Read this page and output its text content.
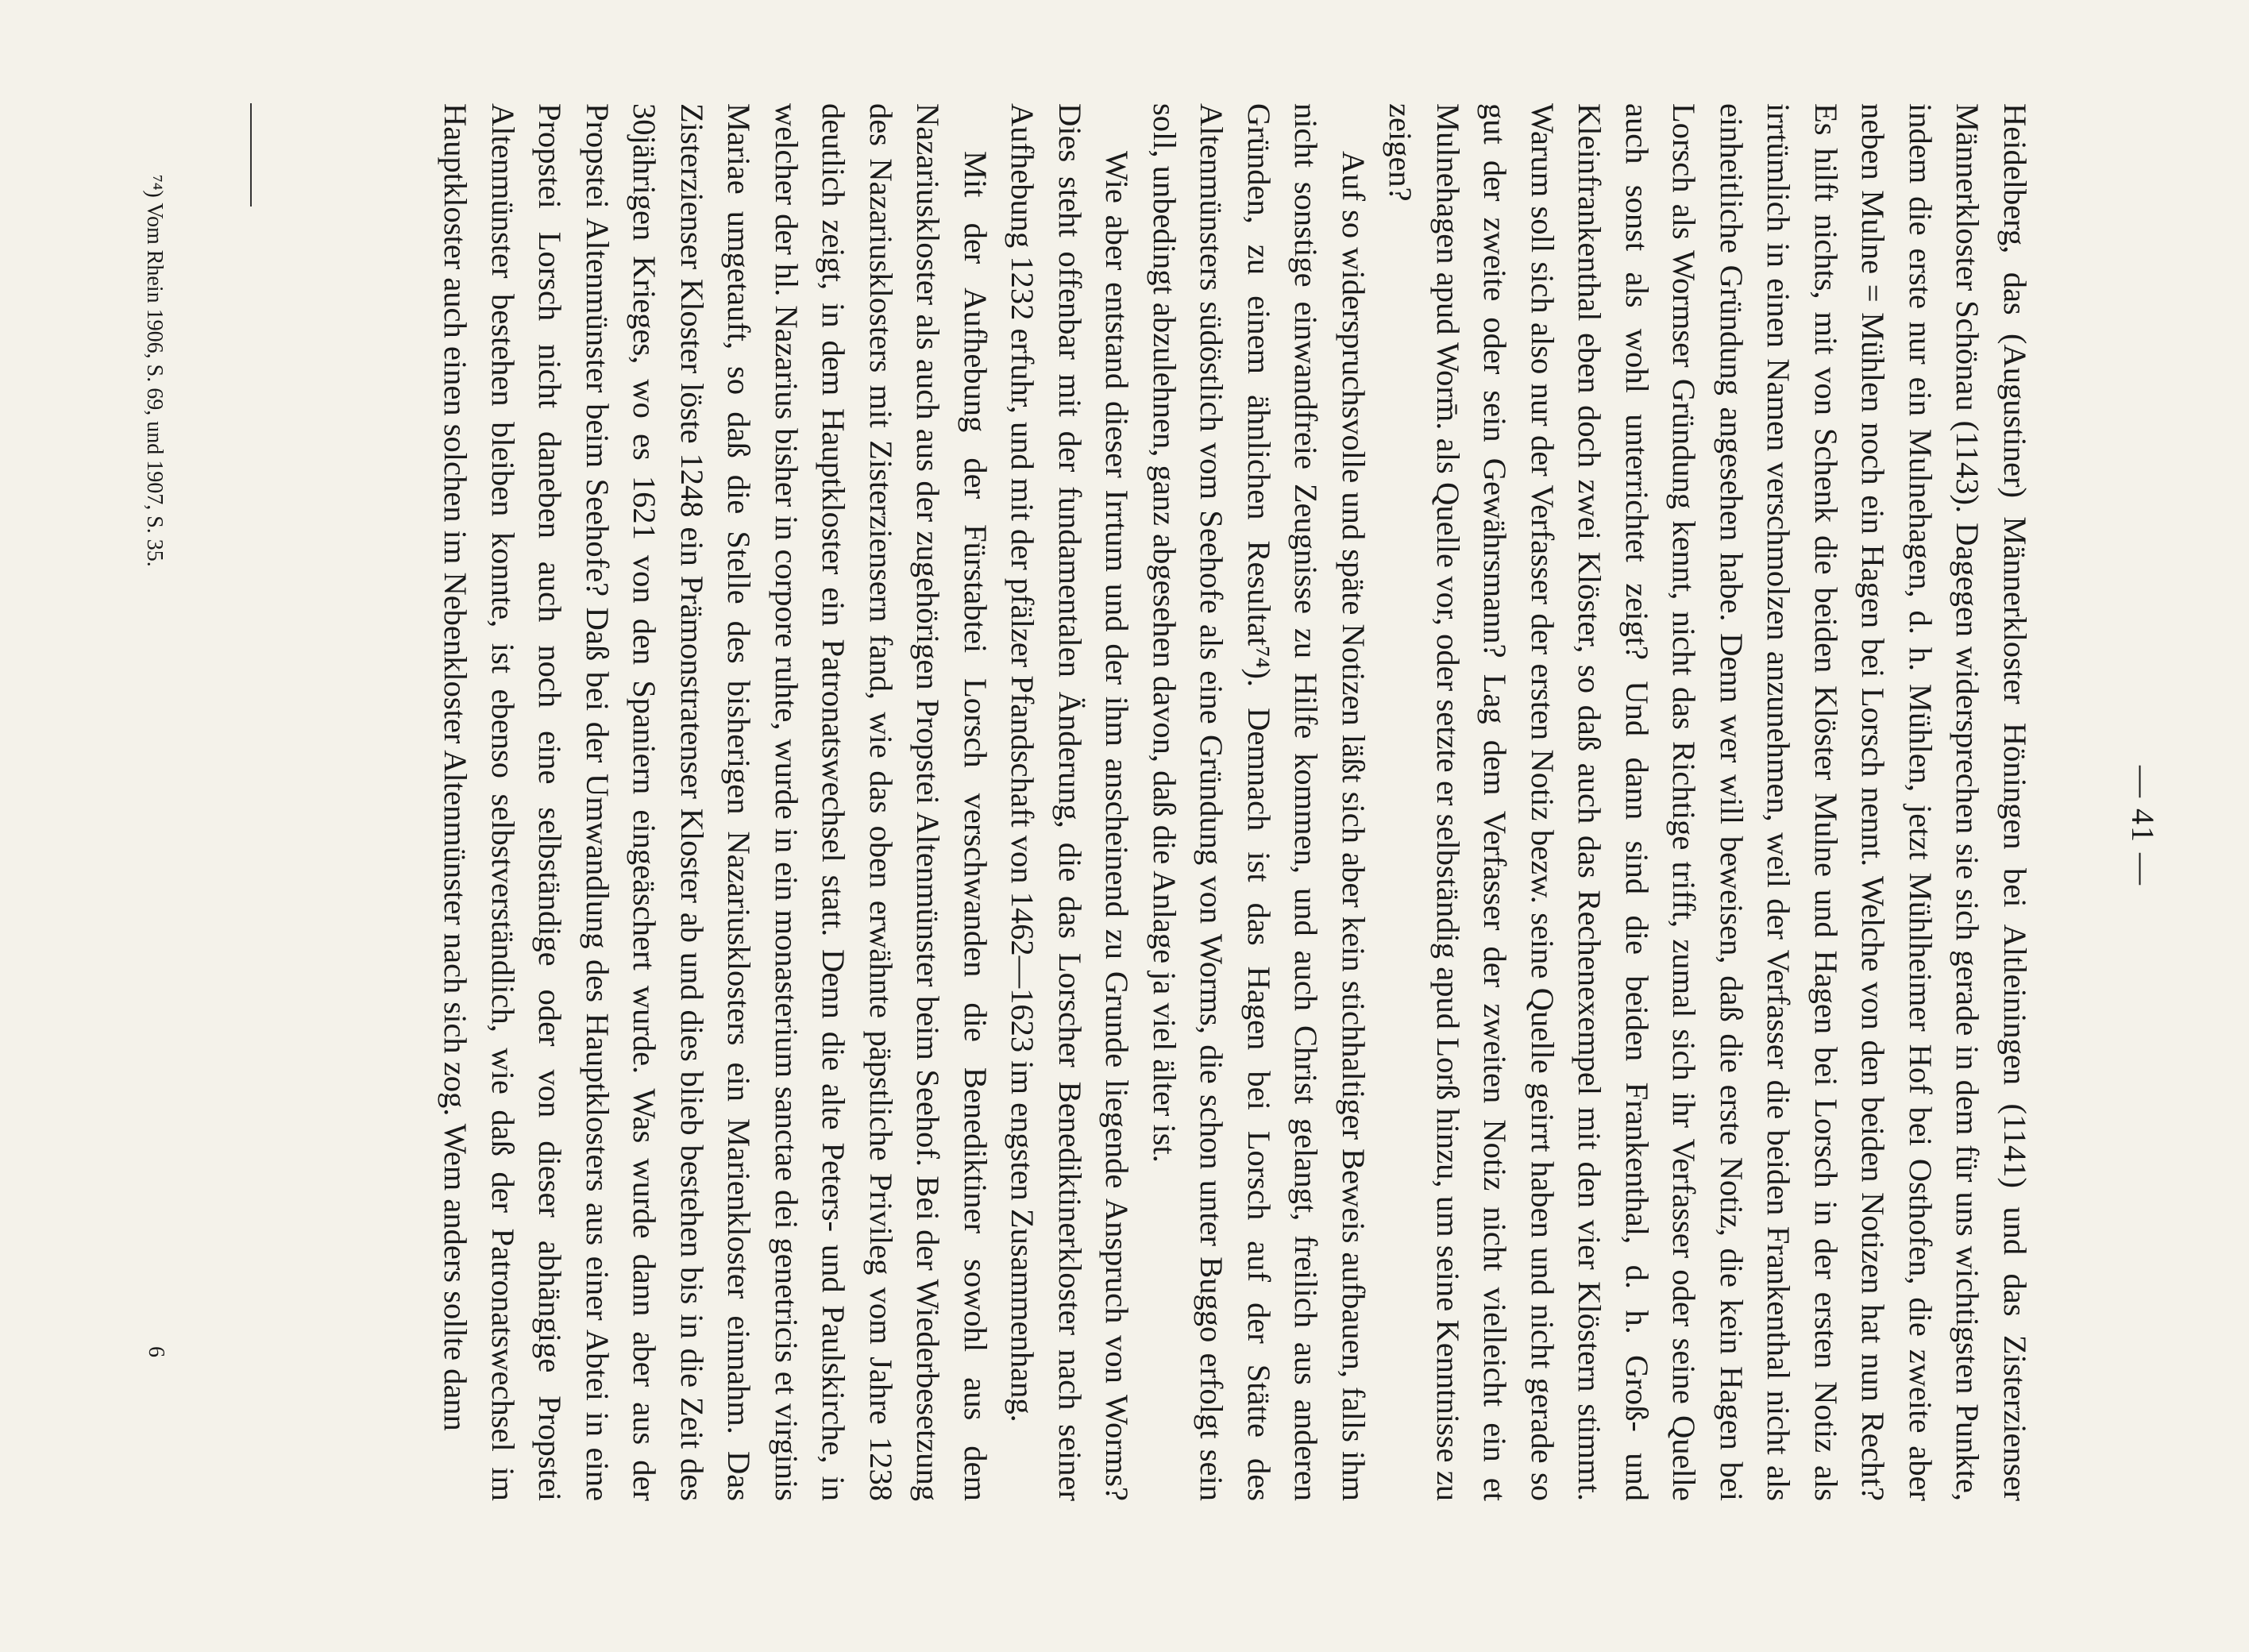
— 41 —

Heidelberg, das (Augustiner) Männerkloster Höningen bei Altleiningen (1141) und das Zisterzienser Männerkloster Schönau (1143). Dagegen widersprechen sie sich gerade in dem für uns wichtigsten Punkte, indem die erste nur ein Mulnehagen, d. h. Mühlen, jetzt Mühlheimer Hof bei Osthofen, die zweite aber neben Mulne = Mühlen noch ein Hagen bei Lorsch nennt. Welche von den beiden Notizen hat nun Recht? Es hilft nichts, mit von Schenk die beiden Klöster Mulne und Hagen bei Lorsch in der ersten Notiz als irrtümlich in einen Namen verschmolzen anzunehmen, weil der Verfasser die beiden Frankenthal nicht als einheitliche Gründung angesehen habe. Denn wer will beweisen, daß die erste Notiz, die kein Hagen bei Lorsch als Wormser Gründung kennt, nicht das Richtige trifft, zumal sich ihr Verfasser oder seine Quelle auch sonst als wohl unterrichtet zeigt? Und dann sind die beiden Frankenthal, d. h. Groß- und Kleinfrankenthal eben doch zwei Klöster, so daß auch das Rechenexempel mit den vier Klöstern stimmt. Warum soll sich also nur der Verfasser der ersten Notiz bezw. seine Quelle geirrt haben und nicht gerade so gut der zweite oder sein Gewährsmann? Lag dem Verfasser der zweiten Notiz nicht vielleicht ein et Mulnehagen apud Worm̄. als Quelle vor, oder setzte er selbständig apud Lorß hinzu, um seine Kenntnisse zu zeigen?

Auf so widerspruchsvolle und späte Notizen läßt sich aber kein stichhaltiger Beweis aufbauen, falls ihm nicht sonstige einwandfreie Zeugnisse zu Hilfe kommen, und auch Christ gelangt, freilich aus anderen Gründen, zu einem ähnlichen Resultat⁷⁴). Demnach ist das Hagen bei Lorsch auf der Stätte des Altenmünsters südöstlich vom Seehofe als eine Gründung von Worms, die schon unter Buggo erfolgt sein soll, unbedingt abzulehnen, ganz abgesehen davon, daß die Anlage ja viel älter ist.

Wie aber entstand dieser Irrtum und der ihm anscheinend zu Grunde liegende Anspruch von Worms? Dies steht offenbar mit der fundamentalen Änderung, die das Lorscher Benediktinerkloster nach seiner Aufhebung 1232 erfuhr, und mit der pfälzer Pfandschaft von 1462—1623 im engsten Zusammenhang.

Mit der Aufhebung der Fürstabtei Lorsch verschwanden die Benediktiner sowohl aus dem Nazariuskloster als auch aus der zugehörigen Propstei Altenmünster beim Seehof. Bei der Wiederbesetzung des Nazariusklosters mit Zisterziensern fand, wie das oben erwähnte päpstliche Privileg vom Jahre 1238 deutlich zeigt, in dem Hauptkloster ein Patronatswechsel statt. Denn die alte Peters- und Paulskirche, in welcher der hl. Nazarius bisher in corpore ruhte, wurde in ein monasterium sanctae dei genetricis et virginis Mariae umgetauft, so daß die Stelle des bisherigen Nazariusklosters ein Marienkloster einnahm. Das Zisterzienser Kloster löste 1248 ein Prämonstratenser Kloster ab und dies blieb bestehen bis in die Zeit des 30jährigen Krieges, wo es 1621 von den Spaniern eingeäschert wurde. Was wurde dann aber aus der Propstei Altenmünster beim Seehofe? Daß bei der Umwandlung des Hauptklosters aus einer Abtei in eine Propstei Lorsch nicht daneben auch noch eine selbständige oder von dieser abhängige Propstei Altenmünster bestehen bleiben konnte, ist ebenso selbstverständlich, wie daß der Patronatswechsel im Hauptkloster auch einen solchen im Nebenkloster Altenmünster nach sich zog. Wem anders sollte dann

⁷⁴) Vom Rhein 1906, S. 69, und 1907, S. 35.
6
